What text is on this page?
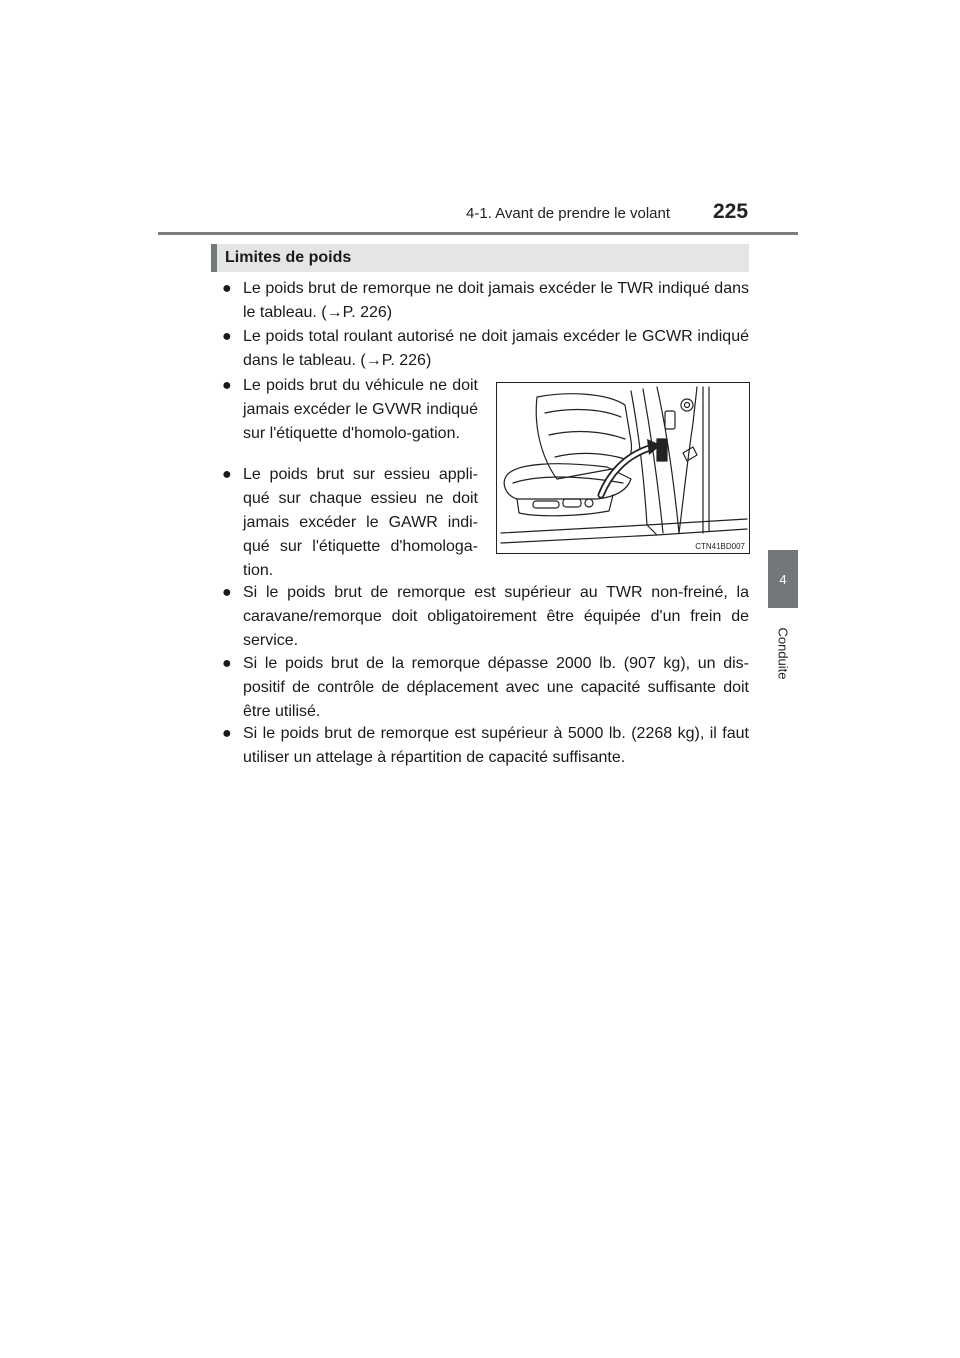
4-1. Avant de prendre le volant 225
4
Conduite
Limites de poids
● Le poids brut de remorque ne doit jamais excéder le TWR indiqué dans le tableau. (→P. 226)
● Le poids total roulant autorisé ne doit jamais excéder le GCWR indiqué dans le tableau. (→P. 226)
● Le poids brut du véhicule ne doit jamais excéder le GVWR indiqué sur l'étiquette d'homolo-gation.
● Le poids brut sur essieu appli-qué sur chaque essieu ne doit jamais excéder le GAWR indi-qué sur l'étiquette d'homologa-tion.
● Si le poids brut de remorque est supérieur au TWR non-freiné, la caravane/remorque doit obligatoirement être équipée d'un frein de service.
● Si le poids brut de la remorque dépasse 2000 lb. (907 kg), un dis-positif de contrôle de déplacement avec une capacité suffisante doit être utilisé.
● Si le poids brut de remorque est supérieur à 5000 lb. (2268 kg), il faut utiliser un attelage à répartition de capacité suffisante.
CTN41BD007
